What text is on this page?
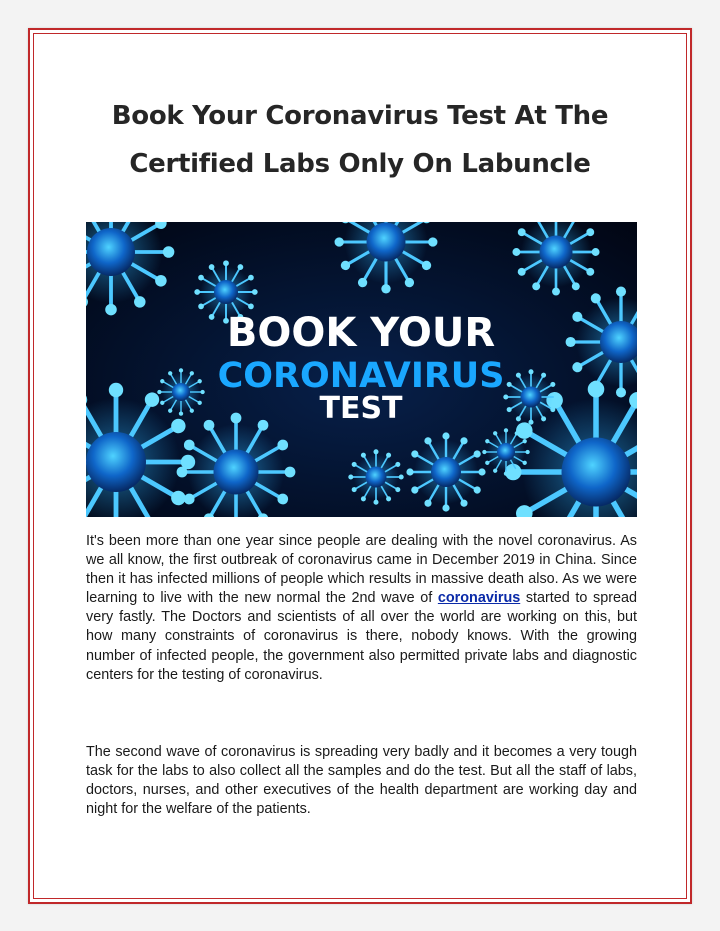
Book Your Coronavirus Test At The Certified Labs Only On Labuncle
BOOK YOUR
CORONAVIRUS
TEST

It's been more than one year since people are dealing with the novel coronavirus. As we all know, the first outbreak of coronavirus came in December 2019 in China. Since then it has infected millions of people which results in massive death also. As we were learning to live with the new normal the 2nd wave of coronavirus started to spread very fastly. The Doctors and scientists of all over the world are working on this, but how many constraints of coronavirus is there, nobody knows. With the growing number of infected people, the government also permitted private labs and diagnostic centers for the testing of coronavirus.

The second wave of coronavirus is spreading very badly and it becomes a very tough task for the labs to also collect all the samples and do the test. But all the staff of labs, doctors, nurses, and other executives of the health department are working day and night for the welfare of the patients.
